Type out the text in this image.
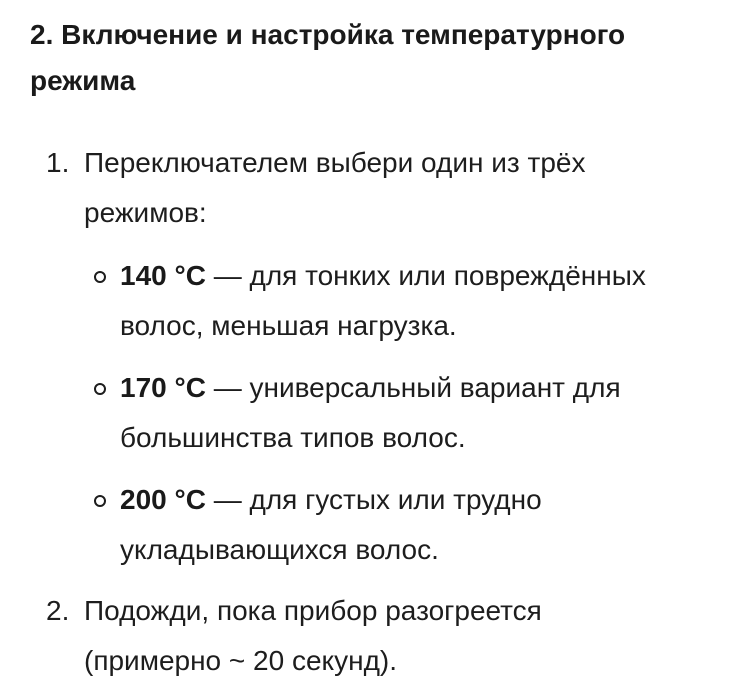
2. Включение и настройка температурного режима
1. Переключателем выбери один из трёх режимов:
140 °C — для тонких или повреждённых волос, меньшая нагрузка.
170 °C — универсальный вариант для большинства типов волос.
200 °C — для густых или трудно укладывающихся волос.
2. Подожди, пока прибор разогреется (примерно ~ 20 секунд).
